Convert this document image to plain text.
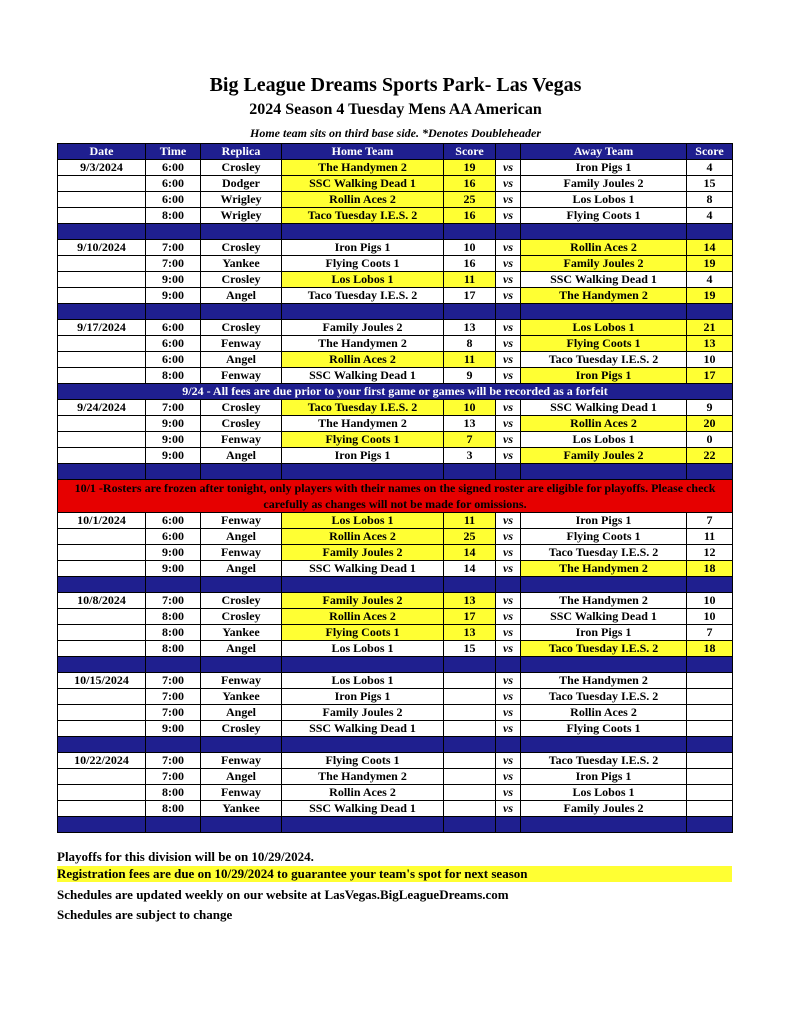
Big League Dreams Sports Park- Las Vegas
2024 Season 4 Tuesday Mens AA American
Home team sits on third base side. *Denotes Doubleheader
Date	Time	Replica	Home Team	Score		Away Team	Score
9/3/2024	6:00	Crosley	The Handymen 2	19	vs	Iron Pigs 1	4
	6:00	Dodger	SSC Walking Dead 1	16	vs	Family Joules 2	15
	6:00	Wrigley	Rollin Aces 2	25	vs	Los Lobos 1	8
	8:00	Wrigley	Taco Tuesday I.E.S. 2	16	vs	Flying Coots 1	4

9/10/2024	7:00	Crosley	Iron Pigs 1	10	vs	Rollin Aces 2	14
	7:00	Yankee	Flying Coots 1	16	vs	Family Joules 2	19
	9:00	Crosley	Los Lobos 1	11	vs	SSC Walking Dead 1	4
	9:00	Angel	Taco Tuesday I.E.S. 2	17	vs	The Handymen 2	19

9/17/2024	6:00	Crosley	Family Joules 2	13	vs	Los Lobos 1	21
	6:00	Fenway	The Handymen 2	8	vs	Flying Coots 1	13
	6:00	Angel	Rollin Aces 2	11	vs	Taco Tuesday I.E.S. 2	10
	8:00	Fenway	SSC Walking Dead 1	9	vs	Iron Pigs 1	17
9/24 - All fees are due prior to your first game or games will be recorded as a forfeit							
9/24/2024	7:00	Crosley	Taco Tuesday I.E.S. 2	10	vs	SSC Walking Dead 1	9
	9:00	Crosley	The Handymen 2	13	vs	Rollin Aces 2	20
	9:00	Fenway	Flying Coots 1	7	vs	Los Lobos 1	0
	9:00	Angel	Iron Pigs 1	3	vs	Family Joules 2	22

10/1 -Rosters are frozen after tonight, only players with their names on the signed roster are eligible for playoffs. Please check carefully as changes will not be made for omissions.							
10/1/2024	6:00	Fenway	Los Lobos 1	11	vs	Iron Pigs 1	7
	6:00	Angel	Rollin Aces 2	25	vs	Flying Coots 1	11
	9:00	Fenway	Family Joules 2	14	vs	Taco Tuesday I.E.S. 2	12
	9:00	Angel	SSC Walking Dead 1	14	vs	The Handymen 2	18

10/8/2024	7:00	Crosley	Family Joules 2	13	vs	The Handymen 2	10
	8:00	Crosley	Rollin Aces 2	17	vs	SSC Walking Dead 1	10
	8:00	Yankee	Flying Coots 1	13	vs	Iron Pigs 1	7
	8:00	Angel	Los Lobos 1	15	vs	Taco Tuesday I.E.S. 2	18

10/15/2024	7:00	Fenway	Los Lobos 1		vs	The Handymen 2	
	7:00	Yankee	Iron Pigs 1		vs	Taco Tuesday I.E.S. 2	
	7:00	Angel	Family Joules 2		vs	Rollin Aces 2	
	9:00	Crosley	SSC Walking Dead 1		vs	Flying Coots 1	

10/22/2024	7:00	Fenway	Flying Coots 1		vs	Taco Tuesday I.E.S. 2	
	7:00	Angel	The Handymen 2		vs	Iron Pigs 1	
	8:00	Fenway	Rollin Aces 2		vs	Los Lobos 1	
	8:00	Yankee	SSC Walking Dead 1		vs	Family Joules 2	

Playoffs for this division will be on 10/29/2024.
Registration fees are due on 10/29/2024 to guarantee your team's spot for next season
Schedules are updated weekly on our website at LasVegas.BigLeagueDreams.com
Schedules are subject to change
